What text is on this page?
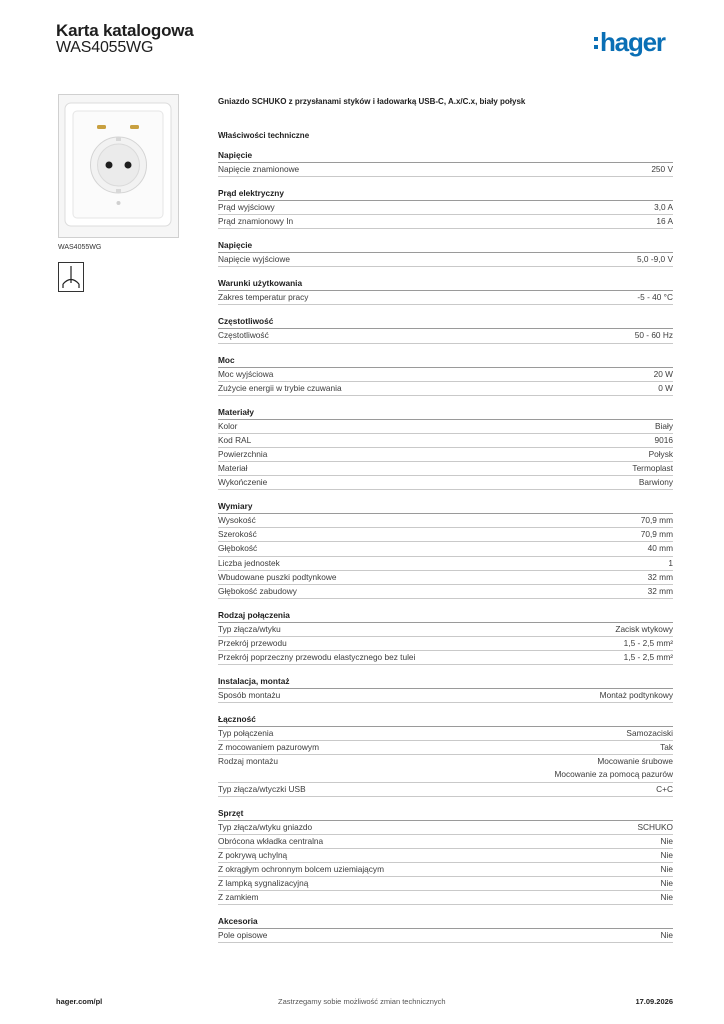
Karta katalogowa
WAS4055WG	hager
WAS4055WG
Gniazdo SCHUKO z przysłanami styków i ładowarką USB-C, A.x/C.x, biały połysk
Właściwości techniczne
Napięcie
Napięcie znamionowe	250 V
Prąd elektryczny
Prąd wyjściowy	3,0 A
Prąd znamionowy In	16 A
Napięcie
Napięcie wyjściowe	5,0 -9,0 V
Warunki użytkowania
Zakres temperatur pracy	-5 - 40 °C
Częstotliwość
Częstotliwość	50 - 60 Hz
Moc
Moc wyjściowa	20 W
Zużycie energii w trybie czuwania	0 W
Materiały
Kolor	Biały
Kod RAL	9016
Powierzchnia	Połysk
Materiał	Termoplast
Wykończenie	Barwiony
Wymiary
Wysokość	70,9 mm
Szerokość	70,9 mm
Głębokość	40 mm
Liczba jednostek	1
Wbudowane puszki podtynkowe	32 mm
Głębokość zabudowy	32 mm
Rodzaj połączenia
Typ złącza/wtyku	Zacisk wtykowy
Przekrój przewodu	1,5 - 2,5 mm²
Przekrój poprzeczny przewodu elastycznego bez tulei	1,5 - 2,5 mm²
Instalacja, montaż
Sposób montażu	Montaż podtynkowy
Łączność
Typ połączenia	Samozaciski
Z mocowaniem pazurowym	Tak
Rodzaj montażu	Mocowanie śrubowe
Mocowanie za pomocą pazurów
Typ złącza/wtyczki USB	C+C
Sprzęt
Typ złącza/wtyku gniazdo	SCHUKO
Obrócona wkładka centralna	Nie
Z pokrywą uchylną	Nie
Z okrągłym ochronnym bolcem uziemiającym	Nie
Z lampką sygnalizacyjną	Nie
Z zamkiem	Nie
Akcesoria
Pole opisowe	Nie
hager.com/pl	Zastrzegamy sobie możliwość zmian technicznych	17.09.2026
